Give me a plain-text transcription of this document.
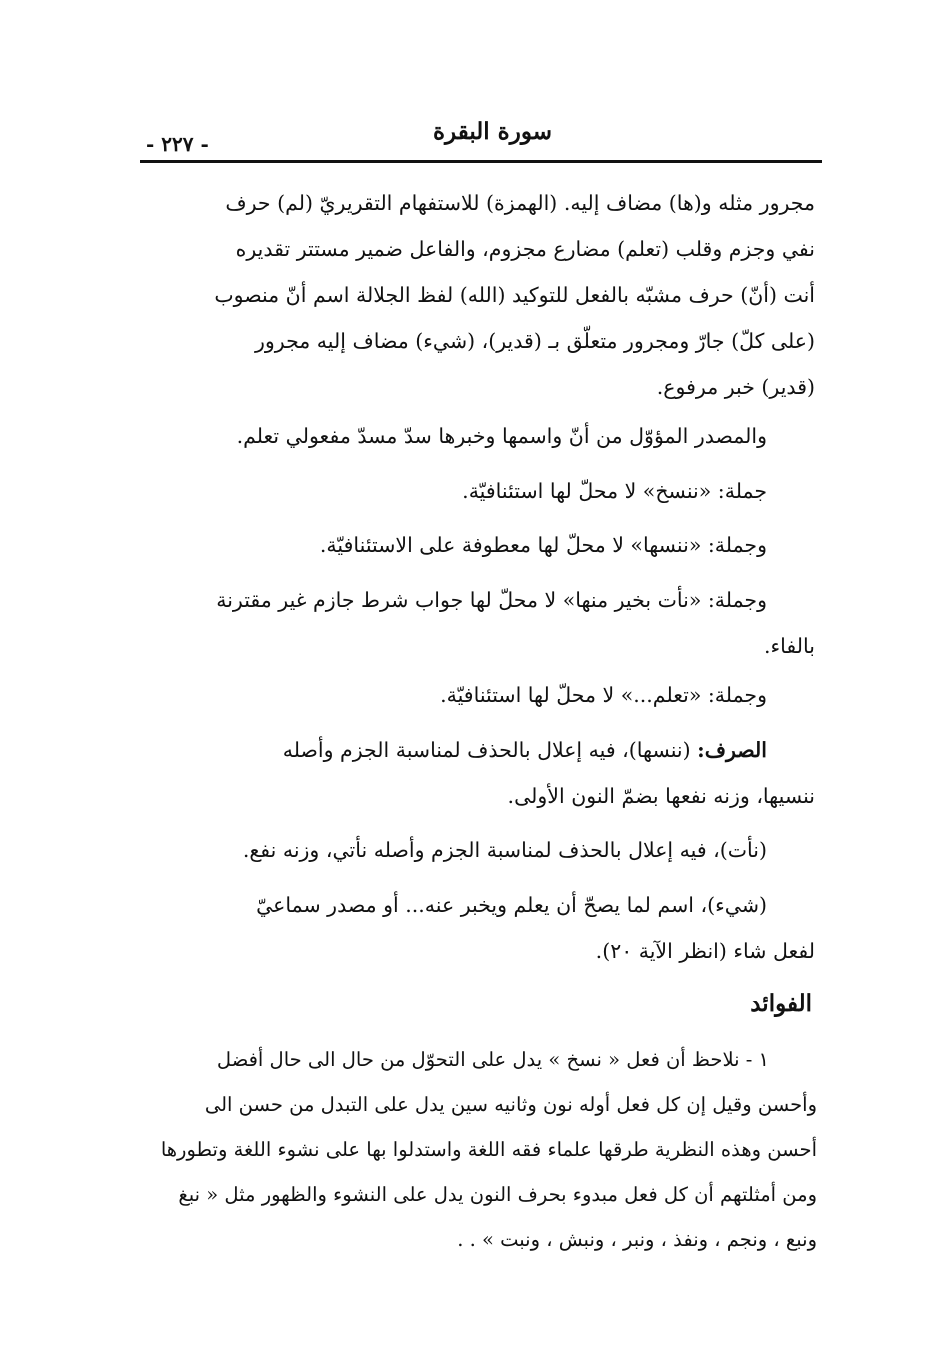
سورة البقرة
- ٢٢٧ -
مجرور مثله و(ها) مضاف إليه. (الهمزة) للاستفهام التقريريّ (لم) حرف
نفي وجزم وقلب (تعلم) مضارع مجزوم، والفاعل ضمير مستتر تقديره
أنت (أنّ) حرف مشبّه بالفعل للتوكيد (الله) لفظ الجلالة اسم أنّ منصوب
(على كلّ) جارّ ومجرور متعلّق بـ (قدير)، (شيء) مضاف إليه مجرور
(قدير) خبر مرفوع.
والمصدر المؤوّل من أنّ واسمها وخبرها سدّ مسدّ مفعولي تعلم.
جملة: «ننسخ» لا محلّ لها استئنافيّة.
وجملة: «ننسها» لا محلّ لها معطوفة على الاستئنافيّة.
وجملة: «نأت بخير منها» لا محلّ لها جواب شرط جازم غير مقترنة
بالفاء.
وجملة: «تعلم...» لا محلّ لها استئنافيّة.
الصرف: (ننسها)، فيه إعلال بالحذف لمناسبة الجزم وأصله
ننسيها، وزنه نفعها بضمّ النون الأولى.
(نأت)، فيه إعلال بالحذف لمناسبة الجزم وأصله نأتي، وزنه نفع.
(شيء)، اسم لما يصحّ أن يعلم ويخبر عنه... أو مصدر سماعيّ
لفعل شاء (انظر الآية ٢٠).
الفوائد
١ - نلاحظ أن فعل « نسخ » يدل على التحوّل من حال الى حال أفضل
وأحسن وقيل إن كل فعل أوله نون وثانيه سين يدل على التبدل من حسن الى
أحسن وهذه النظرية طرقها علماء فقه اللغة واستدلوا بها على نشوء اللغة وتطورها
ومن أمثلتهم أن كل فعل مبدوء بحرف النون يدل على النشوء والظهور مثل « نبغ
ونبع ، ونجم ، ونفذ ، ونبر ، ونبش ، ونبت » . .
